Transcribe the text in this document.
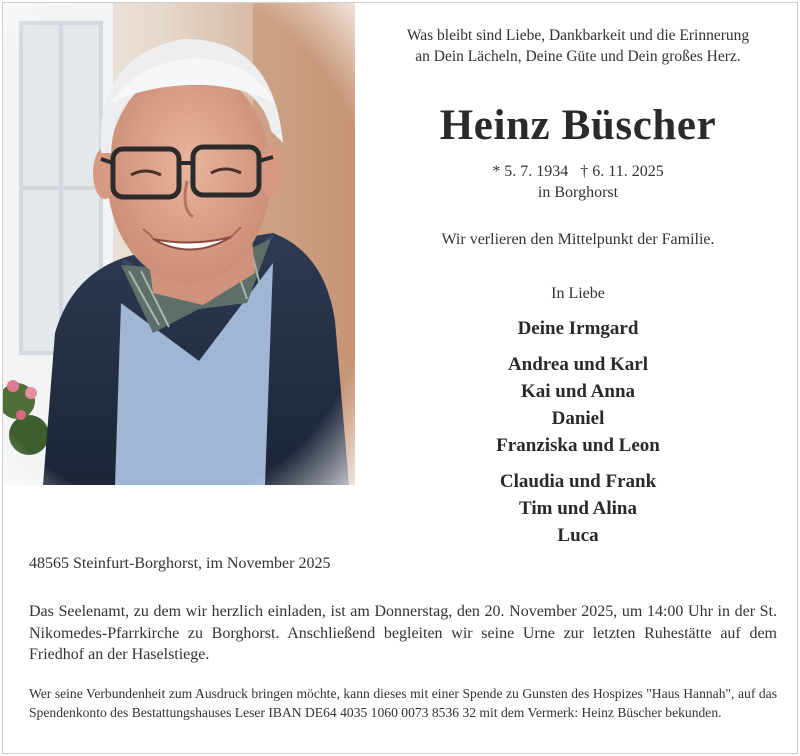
Was bleibt sind Liebe, Dankbarkeit und die Erinnerung
an Dein Lächeln, Deine Güte und Dein großes Herz.
Heinz Büscher
* 5. 7. 1934   † 6. 11. 2025
in Borghorst
Wir verlieren den Mittelpunkt der Familie.
In Liebe
Deine Irmgard
Andrea und Karl
Kai und Anna
Daniel
Franziska und Leon
Claudia und Frank
Tim und Alina
Luca
48565 Steinfurt-Borghorst, im November 2025
Das Seelenamt, zu dem wir herzlich einladen, ist am Donnerstag, den 20. November 2025, um 14:00 Uhr in der St. Nikomedes-Pfarrkirche zu Borghorst. Anschließend begleiten wir seine Urne zur letzten Ruhestätte auf dem Friedhof an der Haselstiege.
Wer seine Verbundenheit zum Ausdruck bringen möchte, kann dieses mit einer Spende zu Gunsten des Hospizes "Haus Hannah", auf das Spendenkonto des Bestattungshauses Leser IBAN DE64 4035 1060 0073 8536 32 mit dem Vermerk: Heinz Büscher bekunden.
